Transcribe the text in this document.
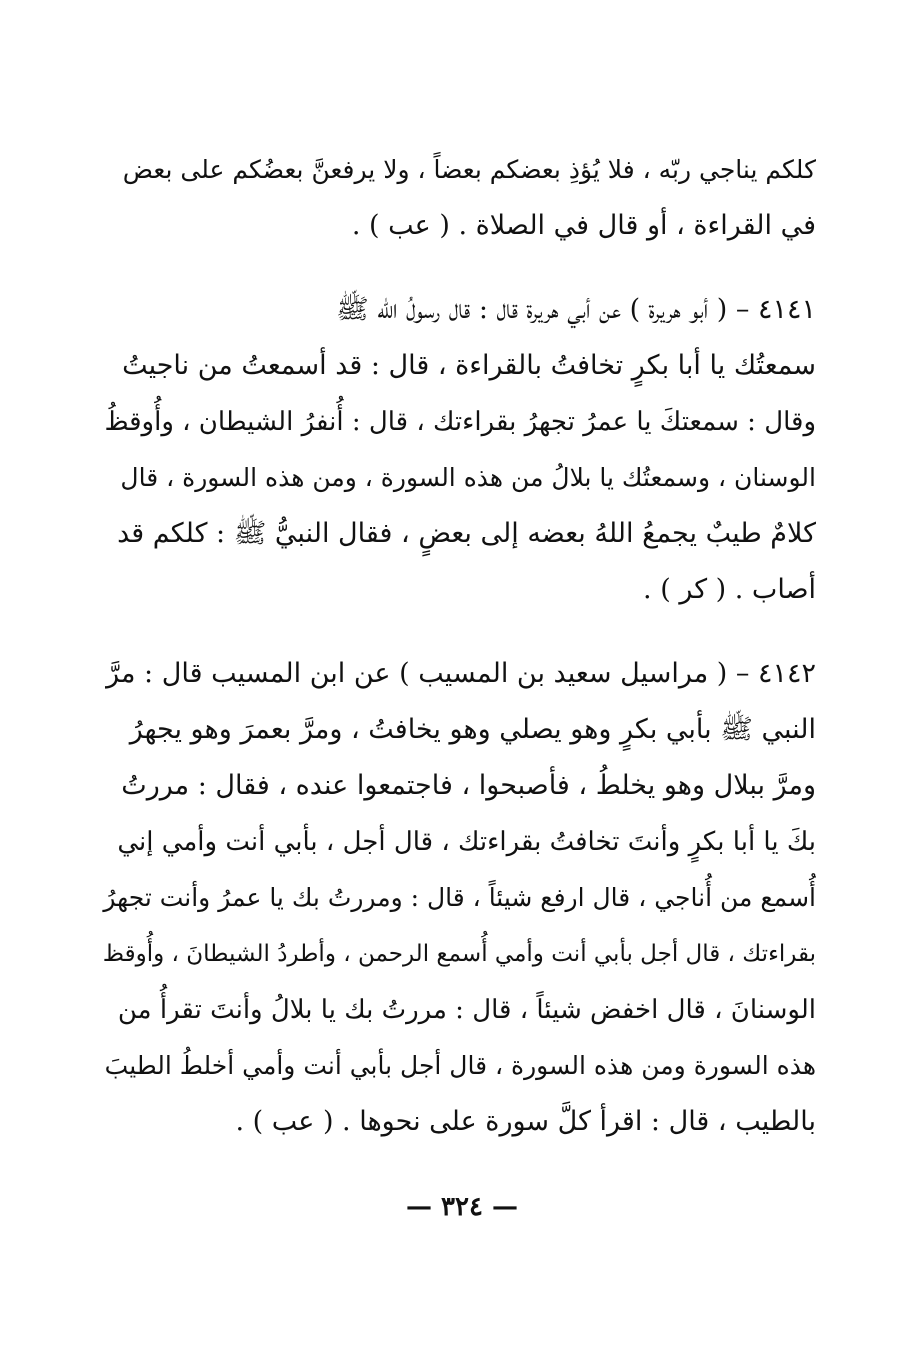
كلكم يناجي ربّه ، فلا يُؤذِ بعضكم بعضاً ، ولا يرفعنَّ بعضُكم على بعض
في القراءة ، أو قال في الصلاة . ( عب ) .
٤١٤١ – ( أبو هريرة ) عن أبي هريرة قال : قال رسولُ الله ﷺ
سمعتُك يا أبا بكرٍ تخافتُ بالقراءة ، قال : قد أسمعتُ من ناجيتُ
وقال : سمعتكَ يا عمرُ تجهرُ بقراءتك ، قال : أُنفرُ الشيطان ، وأُوقظُ
الوسنان ، وسمعتُك يا بلالُ من هذه السورة ، ومن هذه السورة ، قال
كلامٌ طيبٌ يجمعُ اللهُ بعضه إلى بعضٍ ، فقال النبيُّ ﷺ : كلكم قد
أصاب . ( كر ) .
٤١٤٢ – ( مراسيل سعيد بن المسيب ) عن ابن المسيب قال : مرَّ
النبي ﷺ بأبي بكرٍ وهو يصلي وهو يخافتُ ، ومرَّ بعمرَ وهو يجهرُ
ومرَّ ببلال وهو يخلطُ ، فأصبحوا ، فاجتمعوا عنده ، فقال : مررتُ
بكَ يا أبا بكرٍ وأنتَ تخافتُ بقراءتك ، قال أجل ، بأبي أنت وأمي إني
أُسمع من أُناجي ، قال ارفع شيئاً ، قال : ومررتُ بك يا عمرُ وأنت تجهرُ
بقراءتك ، قال أجل بأبي أنت وأمي أُسمع الرحمن ، وأطردُ الشيطانَ ، وأُوقظ
الوسنانَ ، قال اخفض شيئاً ، قال : مررتُ بك يا بلالُ وأنتَ تقرأُ من
هذه السورة ومن هذه السورة ، قال أجل بأبي أنت وأمي أخلطُ الطيبَ
بالطيب ، قال : اقرأ كلَّ سورة على نحوها . ( عب ) .
— ٣٢٤ —
